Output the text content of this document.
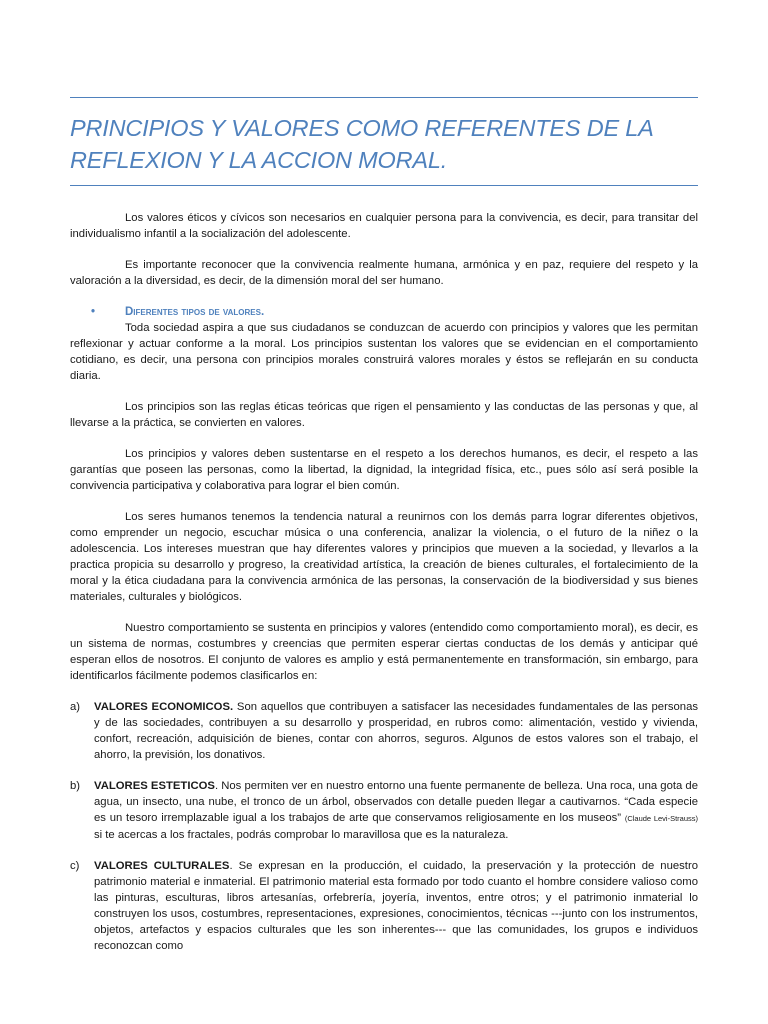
PRINCIPIOS Y VALORES COMO REFERENTES DE LA REFLEXION Y LA ACCION MORAL.

Los valores éticos y cívicos son necesarios en cualquier persona para la convivencia, es decir, para transitar del individualismo infantil a la socialización del adolescente.

Es importante reconocer que la convivencia realmente humana, armónica y en paz, requiere del respeto y la valoración a la diversidad, es decir, de la dimensión moral del ser humano.

•	Diferentes tipos de valores.

Toda sociedad aspira a que sus ciudadanos se conduzcan de acuerdo con principios y valores que les permitan reflexionar y actuar conforme a la moral. Los principios sustentan los valores que se evidencian en el comportamiento cotidiano, es decir, una persona con principios morales construirá valores morales y éstos se reflejarán en su conducta diaria.

Los principios son las reglas éticas teóricas que rigen el pensamiento y las conductas de las personas y que, al llevarse a la práctica, se convierten en valores.

Los principios y valores deben sustentarse en el respeto a los derechos humanos, es decir, el respeto a las garantías que poseen las personas, como la libertad, la dignidad, la integridad física, etc., pues sólo así será posible la convivencia participativa y colaborativa para lograr el bien común.

Los seres humanos tenemos la tendencia natural a reunirnos con los demás parra lograr diferentes objetivos, como emprender un negocio, escuchar música o una conferencia, analizar la violencia, o el futuro de la niñez o la adolescencia. Los intereses muestran que hay diferentes valores y principios que mueven a la sociedad, y llevarlos a la practica propicia su desarrollo y progreso, la creatividad artística, la creación de bienes culturales, el fortalecimiento de la moral y la ética ciudadana para la convivencia armónica de las personas, la conservación de la biodiversidad y sus bienes materiales, culturales y biológicos.

Nuestro comportamiento se sustenta en principios y valores (entendido como comportamiento moral), es decir, es un sistema de normas, costumbres y creencias que permiten esperar ciertas conductas de los demás y anticipar qué esperan ellos de nosotros. El conjunto de valores es amplio y está permanentemente en transformación, sin embargo, para identificarlos fácilmente podemos clasificarlos en:

a) VALORES ECONOMICOS. Son aquellos que contribuyen a satisfacer las necesidades fundamentales de las personas y de las sociedades, contribuyen a su desarrollo y prosperidad, en rubros como: alimentación, vestido y vivienda, confort, recreación, adquisición de bienes, contar con ahorros, seguros. Algunos de estos valores son el trabajo, el ahorro, la previsión, los donativos.
b) VALORES ESTETICOS. Nos permiten ver en nuestro entorno una fuente permanente de belleza. Una roca, una gota de agua, un insecto, una nube, el tronco de un árbol, observados con detalle pueden llegar a cautivarnos. “Cada especie es un tesoro irremplazable igual a los trabajos de arte que conservamos religiosamente en los museos” (Claude Levi-Strauss) si te acercas a los fractales, podrás comprobar lo maravillosa que es la naturaleza.
c) VALORES CULTURALES. Se expresan en la producción, el cuidado, la preservación y la protección de nuestro patrimonio material e inmaterial. El patrimonio material esta formado por todo cuanto el hombre considere valioso como las pinturas, esculturas, libros artesanías, orfebrería, joyería, inventos, entre otros; y el patrimonio inmaterial lo construyen los usos, costumbres, representaciones, expresiones, conocimientos, técnicas ---junto con los instrumentos, objetos, artefactos y espacios culturales que les son inherentes--- que las comunidades, los grupos e individuos reconozcan como
